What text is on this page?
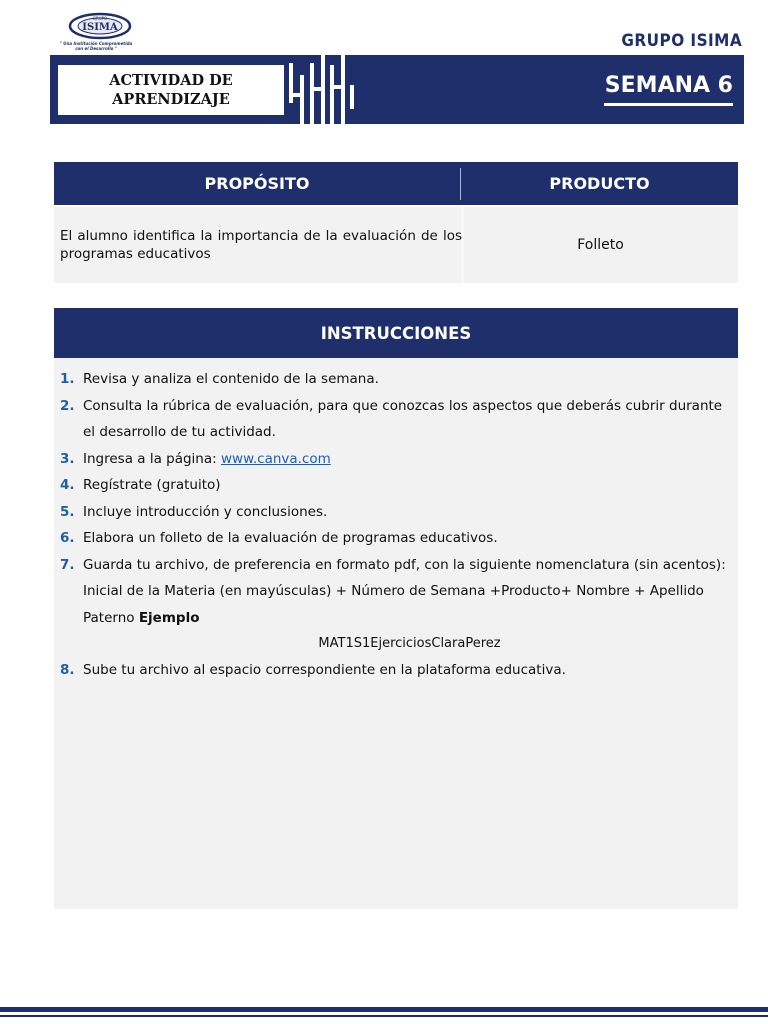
GRUPO
ISIMA
" Una Institución Comprometida con el Desarrollo "	GRUPO ISIMA
ACTIVIDAD DE
APRENDIZAJE
SEMANA 6
PROPÓSITO	PRODUCTO
El alumno identifica la importancia de la evaluación de los programas educativos
Folleto
INSTRUCCIONES
1. Revisa y analiza el contenido de la semana.
2. Consulta la rúbrica de evaluación, para que conozcas los aspectos que deberás cubrir durante el desarrollo de tu actividad.
3. Ingresa a la página: www.canva.com
4. Regístrate (gratuito)
5. Incluye introducción y conclusiones.
6. Elabora un folleto de la evaluación de programas educativos.
7. Guarda tu archivo, de preferencia en formato pdf, con la siguiente nomenclatura (sin acentos): Inicial de la Materia (en mayúsculas) + Número de Semana +Producto+ Nombre + Apellido Paterno Ejemplo
MAT1S1EjerciciosClaraPerez
8. Sube tu archivo al espacio correspondiente en la plataforma educativa.
